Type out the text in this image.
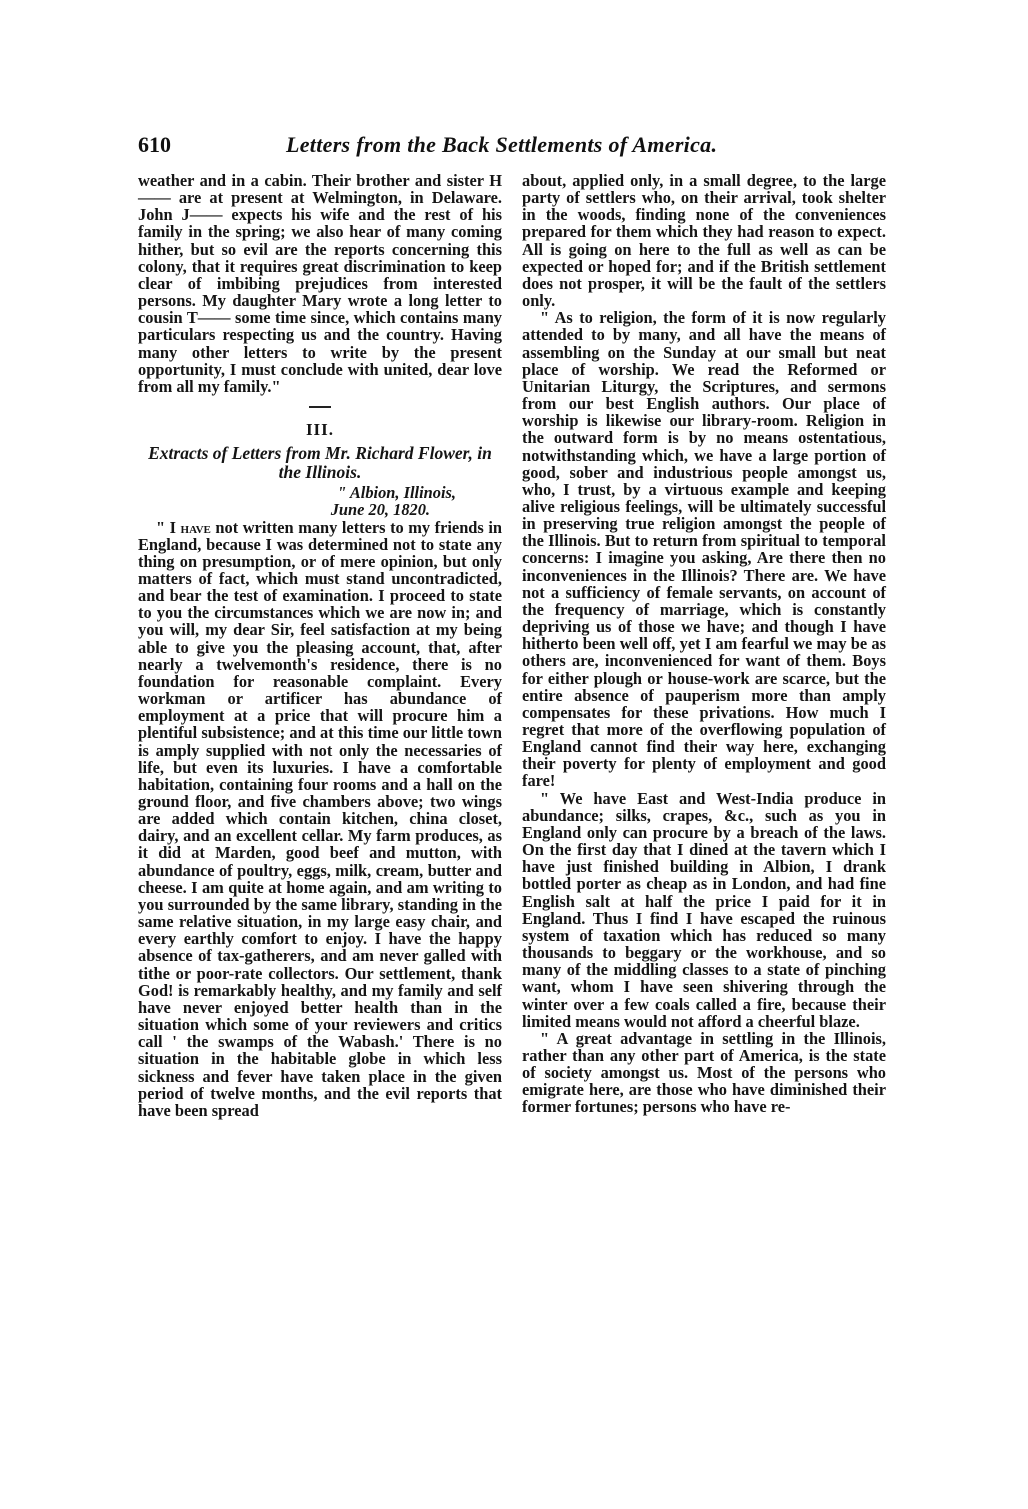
610	Letters from the Back Settlements of America.

weather and in a cabin. Their brother and sister H—— are at present at Welmington, in Delaware. John J—— expects his wife and the rest of his family in the spring; we also hear of many coming hither, but so evil are the reports concerning this colony, that it requires great discrimination to keep clear of imbibing prejudices from interested persons. My daughter Mary wrote a long letter to cousin T—— some time since, which contains many particulars respecting us and the country. Having many other letters to write by the present opportunity, I must conclude with united, dear love from all my family."

III.
Extracts of Letters from Mr. Richard Flower, in the Illinois.

" Albion, Illinois,

June 20, 1820.

" I have not written many letters to my friends in England, because I was determined not to state any thing on presumption, or of mere opinion, but only matters of fact, which must stand uncontradicted, and bear the test of examination. I proceed to state to you the circumstances which we are now in; and you will, my dear Sir, feel satisfaction at my being able to give you the pleasing account, that, after nearly a twelvemonth's residence, there is no foundation for reasonable complaint. Every workman or artificer has abundance of employment at a price that will procure him a plentiful subsistence; and at this time our little town is amply supplied with not only the necessaries of life, but even its luxuries. I have a comfortable habitation, containing four rooms and a hall on the ground floor, and five chambers above; two wings are added which contain kitchen, china closet, dairy, and an excellent cellar. My farm produces, as it did at Marden, good beef and mutton, with abundance of poultry, eggs, milk, cream, butter and cheese. I am quite at home again, and am writing to you surrounded by the same library, standing in the same relative situation, in my large easy chair, and every earthly comfort to enjoy. I have the happy absence of tax-gatherers, and am never galled with tithe or poor-rate collectors. Our settlement, thank God! is remarkably healthy, and my family and self have never enjoyed better health than in the situation which some of your reviewers and critics call ' the swamps of the Wabash.' There is no situation in the habitable globe in which less sickness and fever have taken place in the given period of twelve months, and the evil reports that have been spread

about, applied only, in a small degree, to the large party of settlers who, on their arrival, took shelter in the woods, finding none of the conveniences prepared for them which they had reason to expect. All is going on here to the full as well as can be expected or hoped for; and if the British settlement does not prosper, it will be the fault of the settlers only.

" As to religion, the form of it is now regularly attended to by many, and all have the means of assembling on the Sunday at our small but neat place of worship. We read the Reformed or Unitarian Liturgy, the Scriptures, and sermons from our best English authors. Our place of worship is likewise our library-room. Religion in the outward form is by no means ostentatious, notwithstanding which, we have a large portion of good, sober and industrious people amongst us, who, I trust, by a virtuous example and keeping alive religious feelings, will be ultimately successful in preserving true religion amongst the people of the Illinois. But to return from spiritual to temporal concerns: I imagine you asking, Are there then no inconveniences in the Illinois? There are. We have not a sufficiency of female servants, on account of the frequency of marriage, which is constantly depriving us of those we have; and though I have hitherto been well off, yet I am fearful we may be as others are, inconvenienced for want of them. Boys for either plough or house-work are scarce, but the entire absence of pauperism more than amply compensates for these privations. How much I regret that more of the overflowing population of England cannot find their way here, exchanging their poverty for plenty of employment and good fare!

" We have East and West-India produce in abundance; silks, crapes, &c., such as you in England only can procure by a breach of the laws. On the first day that I dined at the tavern which I have just finished building in Albion, I drank bottled porter as cheap as in London, and had fine English salt at half the price I paid for it in England. Thus I find I have escaped the ruinous system of taxation which has reduced so many thousands to beggary or the workhouse, and so many of the middling classes to a state of pinching want, whom I have seen shivering through the winter over a few coals called a fire, because their limited means would not afford a cheerful blaze.

" A great advantage in settling in the Illinois, rather than any other part of America, is the state of society amongst us. Most of the persons who emigrate here, are those who have diminished their former fortunes; persons who have re-
